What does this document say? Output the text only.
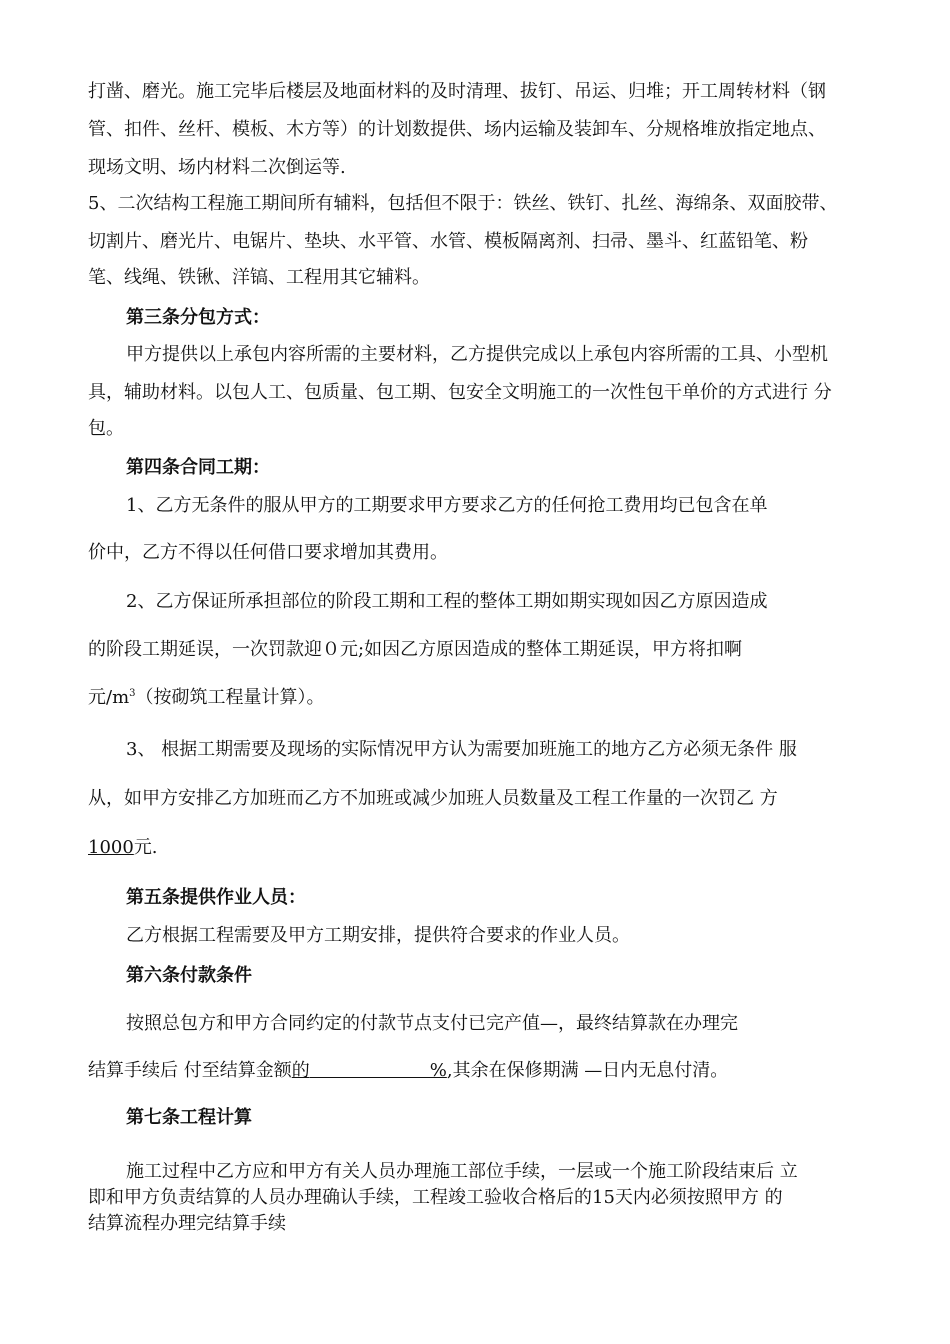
打凿、磨光。施工完毕后楼层及地面材料的及时清理、拔钉、吊运、归堆；开工周转材料（钢
管、扣件、丝杆、模板、木方等）的计划数提供、场内运输及装卸车、分规格堆放指定地点、
现场文明、场内材料二次倒运等.
5、二次结构工程施工期间所有辅料，包括但不限于：铁丝、铁钉、扎丝、海绵条、双面胶带、
切割片、磨光片、电锯片、垫块、水平管、水管、模板隔离剂、扫帚、墨斗、红蓝铅笔、粉
笔、线绳、铁锹、洋镐、工程用其它辅料。
第三条分包方式：
甲方提供以上承包内容所需的主要材料，乙方提供完成以上承包内容所需的工具、小型机
具，辅助材料。以包人工、包质量、包工期、包安全文明施工的一次性包干单价的方式进行 分
包。
第四条合同工期：
1、乙方无条件的服从甲方的工期要求甲方要求乙方的任何抢工费用均已包含在单
价中，乙方不得以任何借口要求增加其费用。
2、乙方保证所承担部位的阶段工期和工程的整体工期如期实现如因乙方原因造成
的阶段工期延误，一次罚款迎０元;如因乙方原因造成的整体工期延误，甲方将扣啊
元$/m^3$（按砌筑工程量计算）。
3、 根据工期需要及现场的实际情况甲方认为需要加班施工的地方乙方必须无条件 服
从，如甲方安排乙方加班而乙方不加班或减少加班人员数量及工程工作量的一次罚乙 方
1000元.
第五条提供作业人员：
乙方根据工程需要及甲方工期安排，提供符合要求的作业人员。
第六条付款条件
按照总包方和甲方合同约定的付款节点支付已完产值—，最终结算款在办理完
结算手续后 付至结算金额的	%,其余在保修期满 —日内无息付清。
第七条工程计算
施工过程中乙方应和甲方有关人员办理施工部位手续，一层或一个施工阶段结束后 立
即和甲方负责结算的人员办理确认手续，工程竣工验收合格后的15天内必须按照甲方 的
结算流程办理完结算手续
